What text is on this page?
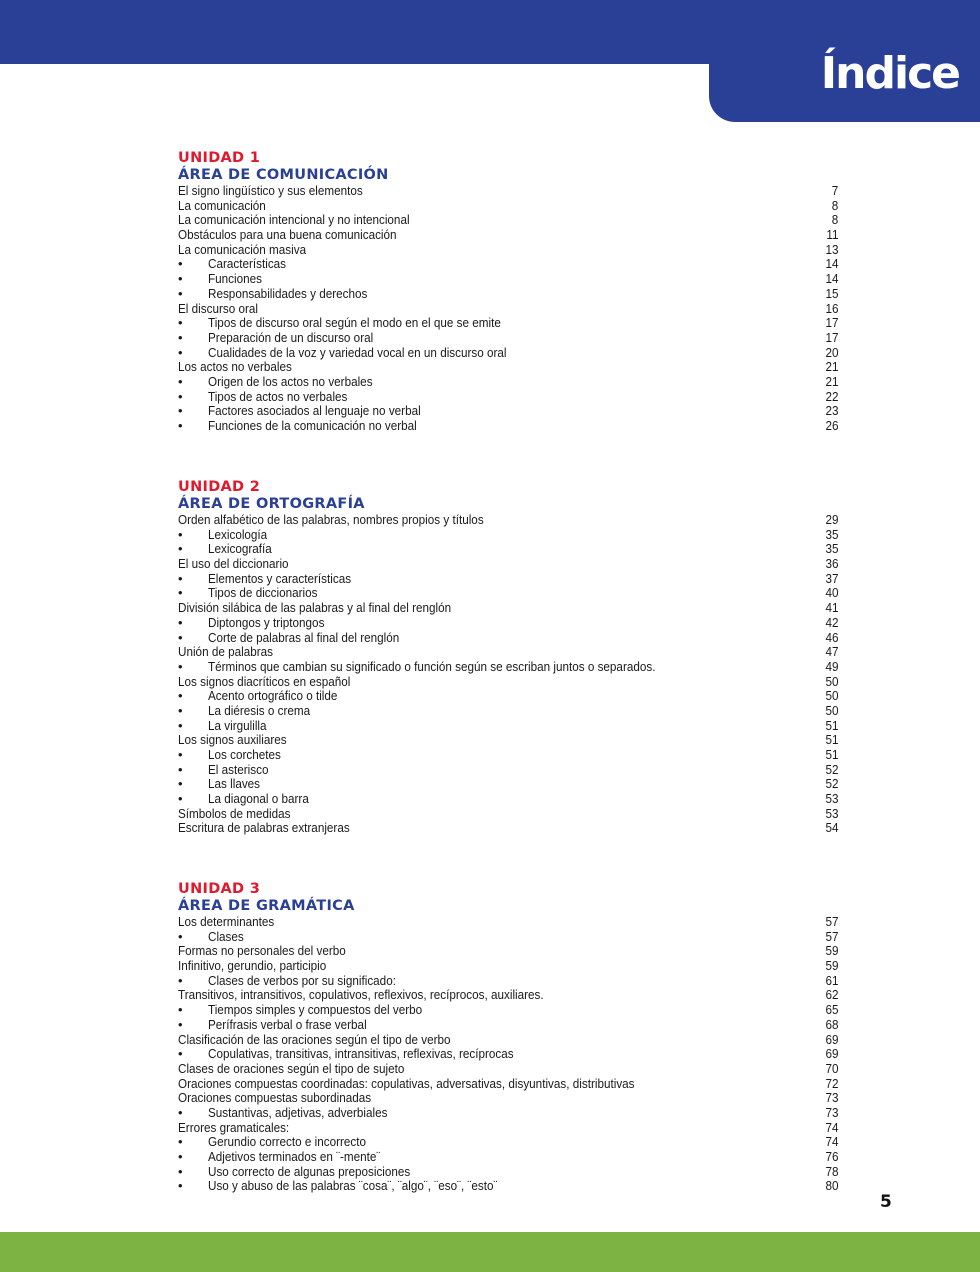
Índice
UNIDAD 1
ÁREA DE COMUNICACIÓN
El signo lingüístico y sus elementos	7
La comunicación	8
La comunicación intencional y no intencional	8
Obstáculos para una buena comunicación	11
La comunicación masiva	13
• Características	14
• Funciones	14
• Responsabilidades y derechos	15
El discurso oral	16
• Tipos de discurso oral según el modo en el que se emite	17
• Preparación de un discurso oral	17
• Cualidades de la voz y variedad vocal en un discurso oral	20
Los actos no verbales	21
• Origen de los actos no verbales	21
• Tipos de actos no verbales	22
• Factores asociados al lenguaje no verbal	23
• Funciones de la comunicación no verbal	26
UNIDAD 2
ÁREA DE ORTOGRAFÍA
Orden alfabético de las palabras, nombres propios y títulos	29
• Lexicología	35
• Lexicografía	35
El uso del diccionario	36
• Elementos y características	37
• Tipos de diccionarios	40
División silábica de las palabras y al final del renglón	41
• Diptongos y triptongos	42
• Corte de palabras al final del renglón	46
Unión de palabras	47
• Términos que cambian su significado o función según se escriban juntos o separados.	49
Los signos diacríticos en español	50
• Acento ortográfico o tilde	50
• La diéresis o crema	50
• La virgulilla	51
Los signos auxiliares	51
• Los corchetes	51
• El asterisco	52
• Las llaves	52
• La diagonal o barra	53
Símbolos de medidas	53
Escritura de palabras extranjeras	54
UNIDAD 3
ÁREA DE GRAMÁTICA
Los determinantes	57
• Clases	57
Formas no personales del verbo	59
Infinitivo, gerundio, participio	59
• Clases de verbos por su significado:	61
Transitivos, intransitivos, copulativos, reflexivos, recíprocos, auxiliares.	62
• Tiempos simples y compuestos del verbo	65
• Perífrasis verbal o frase verbal	68
Clasificación de las oraciones según el tipo de verbo	69
• Copulativas, transitivas, intransitivas, reflexivas, recíprocas	69
Clases de oraciones según el tipo de sujeto	70
Oraciones compuestas coordinadas: copulativas, adversativas, disyuntivas, distributivas	72
Oraciones compuestas subordinadas	73
• Sustantivas, adjetivas, adverbiales	73
Errores gramaticales:	74
• Gerundio correcto e incorrecto	74
• Adjetivos terminados en ¨-mente¨	76
• Uso correcto de algunas preposiciones	78
• Uso y abuso de las palabras ¨cosa¨, ¨algo¨, ¨eso¨, ¨esto¨	80
5
